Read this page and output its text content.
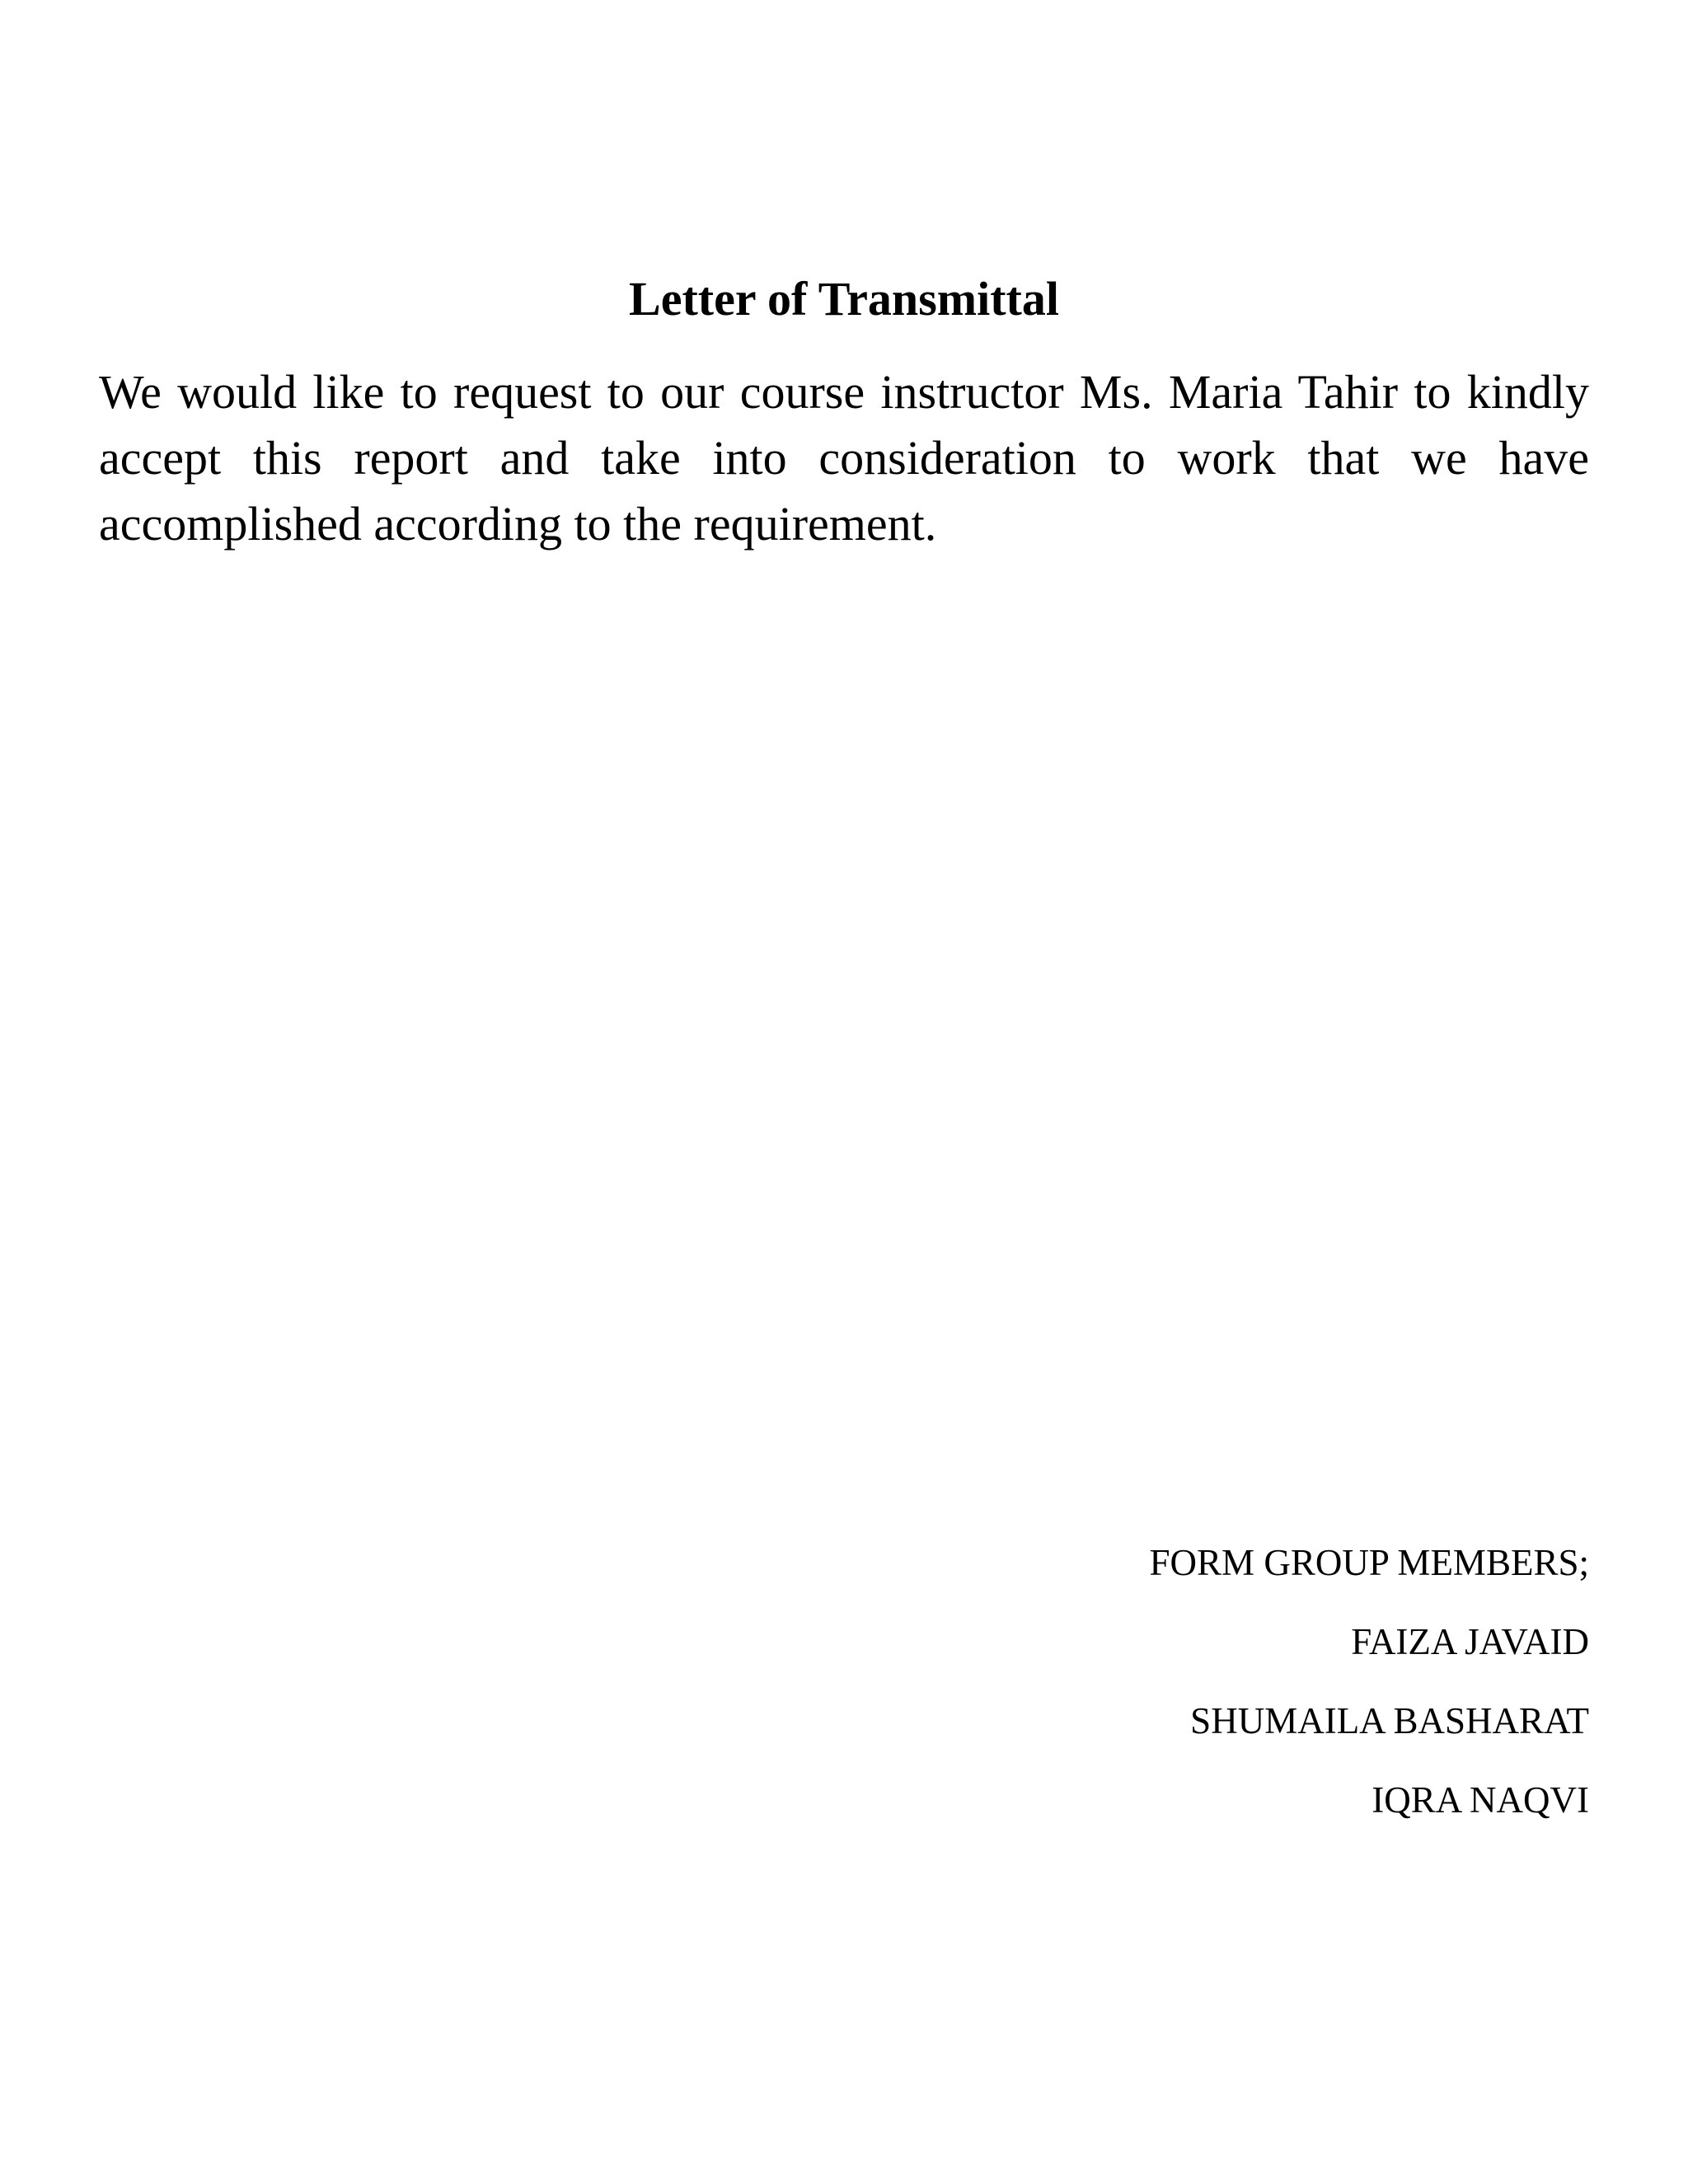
Letter of Transmittal

We would like to request to our course instructor Ms. Maria Tahir to kindly accept this report and take into consideration to work that we have accomplished according to the requirement.

FORM GROUP MEMBERS;

FAIZA JAVAID

SHUMAILA BASHARAT

IQRA NAQVI
